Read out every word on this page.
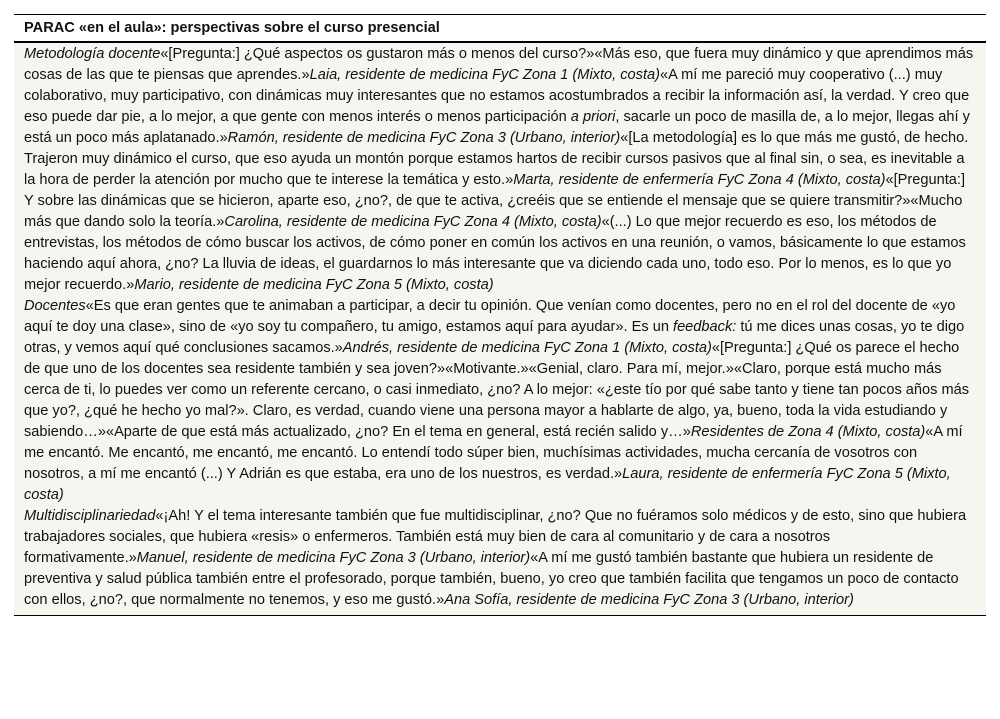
PARAC «en el aula»: perspectivas sobre el curso presencial

Metodología docente«[Pregunta:] ¿Qué aspectos os gustaron más o menos del curso?»«Más eso, que fuera muy dinámico y que aprendimos más cosas de las que te piensas que aprendes.»Laia, residente de medicina FyC Zona 1 (Mixto, costa)«A mí me pareció muy cooperativo (...) muy colaborativo, muy participativo, con dinámicas muy interesantes que no estamos acostumbrados a recibir la información así, la verdad. Y creo que eso puede dar pie, a lo mejor, a que gente con menos interés o menos participación a priori, sacarle un poco de masilla de, a lo mejor, llegas ahí y está un poco más aplatanado.»Ramón, residente de medicina FyC Zona 3 (Urbano, interior)«[La metodología] es lo que más me gustó, de hecho. Trajeron muy dinámico el curso, que eso ayuda un montón porque estamos hartos de recibir cursos pasivos que al final sin, o sea, es inevitable a la hora de perder la atención por mucho que te interese la temática y esto.»Marta, residente de enfermería FyC Zona 4 (Mixto, costa)«[Pregunta:] Y sobre las dinámicas que se hicieron, aparte eso, ¿no?, de que te activa, ¿creéis que se entiende el mensaje que se quiere transmitir?»«Mucho más que dando solo la teoría.»Carolina, residente de medicina FyC Zona 4 (Mixto, costa)«(...) Lo que mejor recuerdo es eso, los métodos de entrevistas, los métodos de cómo buscar los activos, de cómo poner en común los activos en una reunión, o vamos, básicamente lo que estamos haciendo aquí ahora, ¿no? La lluvia de ideas, el guardarnos lo más interesante que va diciendo cada uno, todo eso. Por lo menos, es lo que yo mejor recuerdo.»Mario, residente de medicina FyC Zona 5 (Mixto, costa)

Docentes«Es que eran gentes que te animaban a participar, a decir tu opinión. Que venían como docentes, pero no en el rol del docente de «yo aquí te doy una clase», sino de «yo soy tu compañero, tu amigo, estamos aquí para ayudar». Es un feedback: tú me dices unas cosas, yo te digo otras, y vemos aquí qué conclusiones sacamos.»Andrés, residente de medicina FyC Zona 1 (Mixto, costa)«[Pregunta:] ¿Qué os parece el hecho de que uno de los docentes sea residente también y sea joven?»«Motivante.»«Genial, claro. Para mí, mejor.»«Claro, porque está mucho más cerca de ti, lo puedes ver como un referente cercano, o casi inmediato, ¿no? A lo mejor: «¿este tío por qué sabe tanto y tiene tan pocos años más que yo?, ¿qué he hecho yo mal?». Claro, es verdad, cuando viene una persona mayor a hablarte de algo, ya, bueno, toda la vida estudiando y sabiendo…»«Aparte de que está más actualizado, ¿no? En el tema en general, está recién salido y…»Residentes de Zona 4 (Mixto, costa)«A mí me encantó. Me encantó, me encantó, me encantó. Lo entendí todo súper bien, muchísimas actividades, mucha cercanía de vosotros con nosotros, a mí me encantó (...) Y Adrián es que estaba, era uno de los nuestros, es verdad.»Laura, residente de enfermería FyC Zona 5 (Mixto, costa)

Multidisciplinariedad«¡Ah! Y el tema interesante también que fue multidisciplinar, ¿no? Que no fuéramos solo médicos y de esto, sino que hubiera trabajadores sociales, que hubiera «resis» o enfermeros. También está muy bien de cara al comunitario y de cara a nosotros formativamente.»Manuel, residente de medicina FyC Zona 3 (Urbano, interior)«A mí me gustó también bastante que hubiera un residente de preventiva y salud pública también entre el profesorado, porque también, bueno, yo creo que también facilita que tengamos un poco de contacto con ellos, ¿no?, que normalmente no tenemos, y eso me gustó.»Ana Sofía, residente de medicina FyC Zona 3 (Urbano, interior)
